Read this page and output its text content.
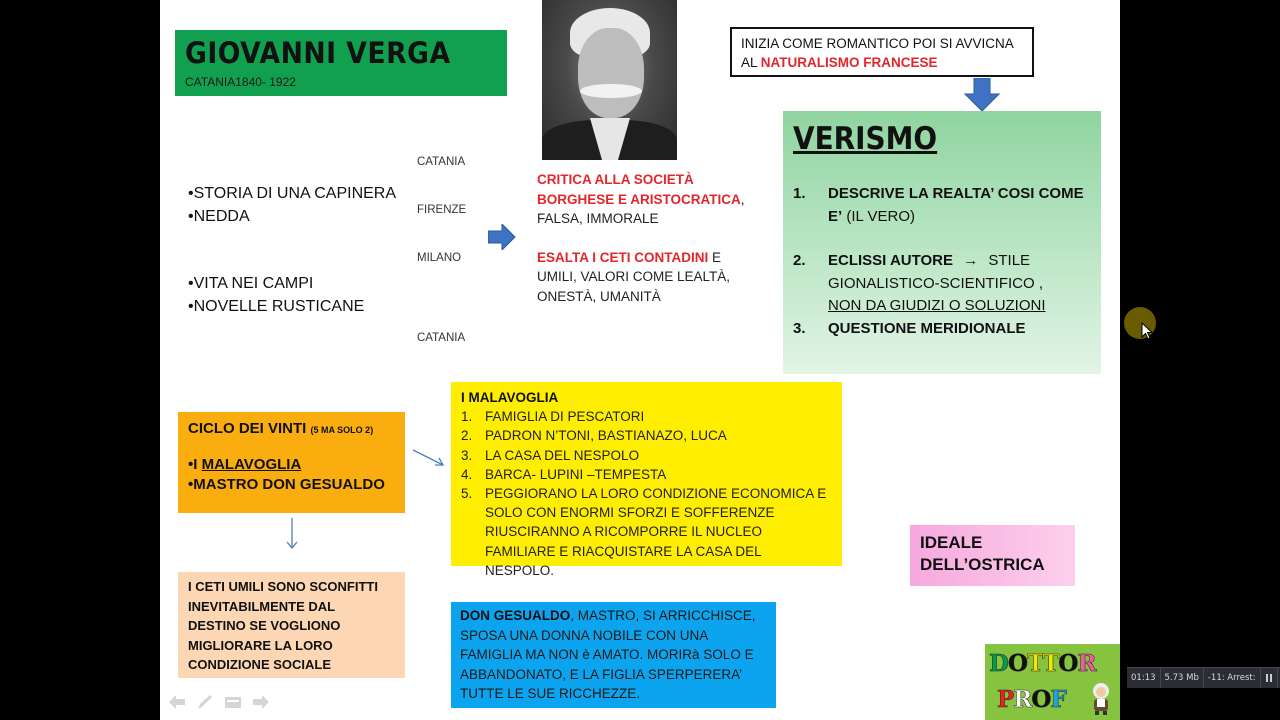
GIOVANNI VERGA
CATANIA1840- 1922
INIZIA COME ROMANTICO POI SI AVVICNA
AL NATURALISMO FRANCESE
VERISMO
1.	DESCRIVE LA REALTA’ COSI COME E’ (IL VERO)
2.	ECLISSI AUTORE → STILE GIONALISTICO-SCIENTIFICO ,
NON DA GIUDIZI O SOLUZIONI
3.	QUESTIONE MERIDIONALE
•STORIA DI UNA CAPINERA
•NEDDA
•VITA NEI CAMPI
•NOVELLE RUSTICANE
CATANIA
FIRENZE
MILANO
CATANIA
CRITICA ALLA SOCIETÀ BORGHESE E ARISTOCRATICA, FALSA, IMMORALE
ESALTA I CETI CONTADINI E UMILI, VALORI COME LEALTÀ, ONESTÀ, UMANITÀ
CICLO DEI VINTI (5 MA SOLO 2)
•I MALAVOGLIA
•MASTRO DON GESUALDO
I CETI UMILI SONO SCONFITTI INEVITABILMENTE DAL DESTINO SE VOGLIONO MIGLIORARE LA LORO CONDIZIONE SOCIALE
I MALAVOGLIA
1. FAMIGLIA DI PESCATORI
2. PADRON N’TONI, BASTIANAZO, LUCA
3. LA CASA DEL NESPOLO
4. BARCA- LUPINI –TEMPESTA
5. PEGGIORANO LA LORO CONDIZIONE ECONOMICA E SOLO CON ENORMI SFORZI E SOFFERENZE RIUSCIRANNO A RICOMPORRE IL NUCLEO FAMILIARE E RIACQUISTARE LA CASA DEL NESPOLO.
DON GESUALDO, MASTRO, SI ARRICCHISCE, SPOSA UNA DONNA NOBILE CON UNA FAMIGLIA MA NON è AMATO. MORIRà SOLO E ABBANDONATO, E LA FIGLIA SPERPERERA’ TUTTE LE SUE RICCHEZZE.
IDEALE
DELL’OSTRICA
DOTTOR
PROF
01:13	5.73 Mb	-11: Arrest:
